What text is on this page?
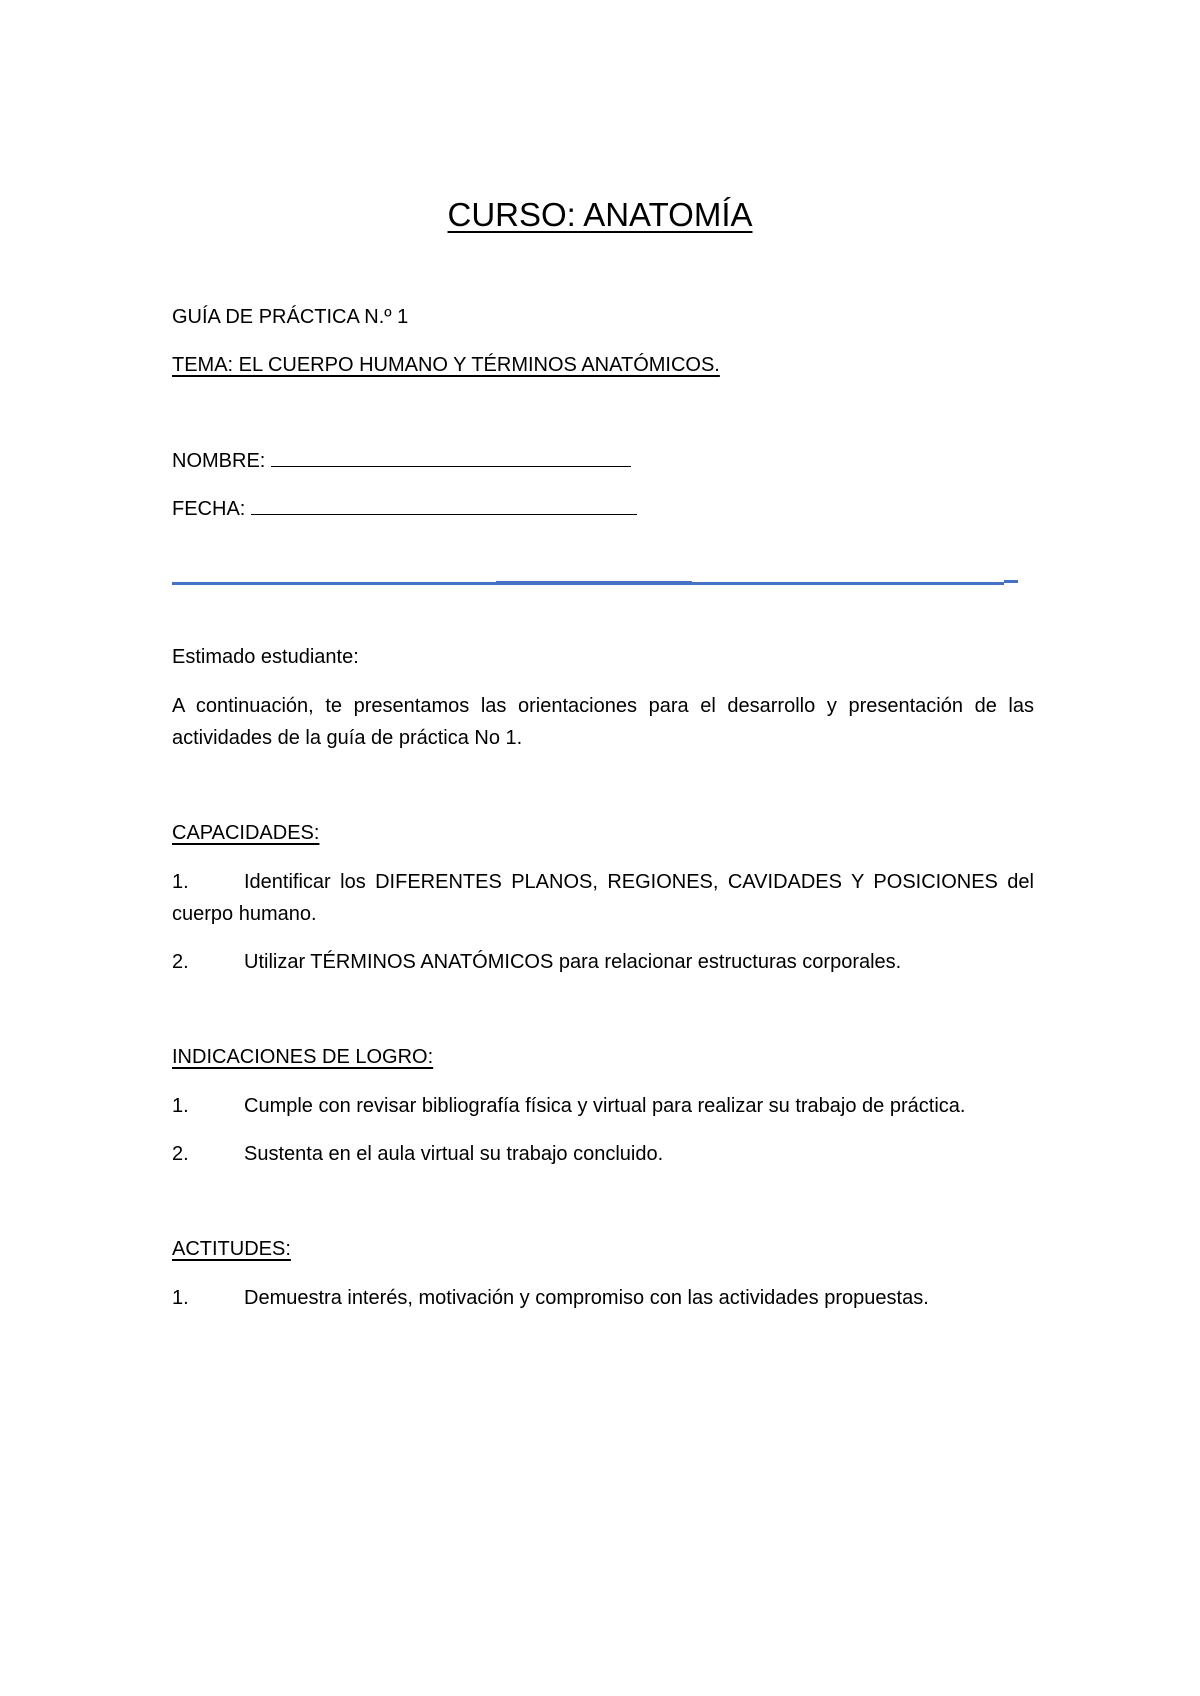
CURSO: ANATOMÍA
GUÍA DE PRÁCTICA N.º 1
TEMA: EL CUERPO HUMANO Y TÉRMINOS ANATÓMICOS.
NOMBRE:
FECHA:
Estimado estudiante:
A continuación, te presentamos las orientaciones para el desarrollo y presentación de las actividades de la guía de práctica No 1.
CAPACIDADES:
1.	Identificar los DIFERENTES PLANOS, REGIONES, CAVIDADES Y POSICIONES del cuerpo humano.
2.	Utilizar TÉRMINOS ANATÓMICOS para relacionar estructuras corporales.
INDICACIONES DE LOGRO:
1.	Cumple con revisar bibliografía física y virtual para realizar su trabajo de práctica.
2.	Sustenta en el aula virtual su trabajo concluido.
ACTITUDES:
1.	Demuestra interés, motivación y compromiso con las actividades propuestas.
